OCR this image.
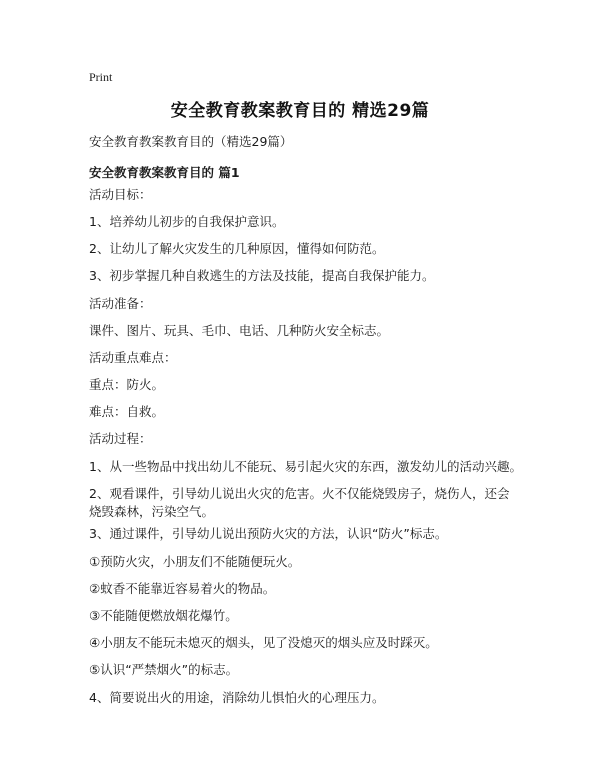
Print
安全教育教案教育目的 精选29篇
安全教育教案教育目的（精选29篇）
安全教育教案教育目的 篇1
活动目标：
1、培养幼儿初步的自我保护意识。
2、让幼儿了解火灾发生的几种原因，懂得如何防范。
3、初步掌握几种自救逃生的方法及技能，提高自我保护能力。
活动准备：
课件、图片、玩具、毛巾、电话、几种防火安全标志。
活动重点难点：
重点：防火。
难点：自救。
活动过程：
1、从一些物品中找出幼儿不能玩、易引起火灾的东西，激发幼儿的活动兴趣。
2、观看课件，引导幼儿说出火灾的危害。火不仅能烧毁房子，烧伤人，还会烧毁森林，污染空气。
3、通过课件，引导幼儿说出预防火灾的方法，认识“防火”标志。
①预防火灾，小朋友们不能随便玩火。
②蚊香不能靠近容易着火的物品。
③不能随便燃放烟花爆竹。
④小朋友不能玩未熄灭的烟头，见了没熄灭的烟头应及时踩灭。
⑤认识“严禁烟火”的标志。
4、简要说出火的用途，消除幼儿惧怕火的心理压力。
